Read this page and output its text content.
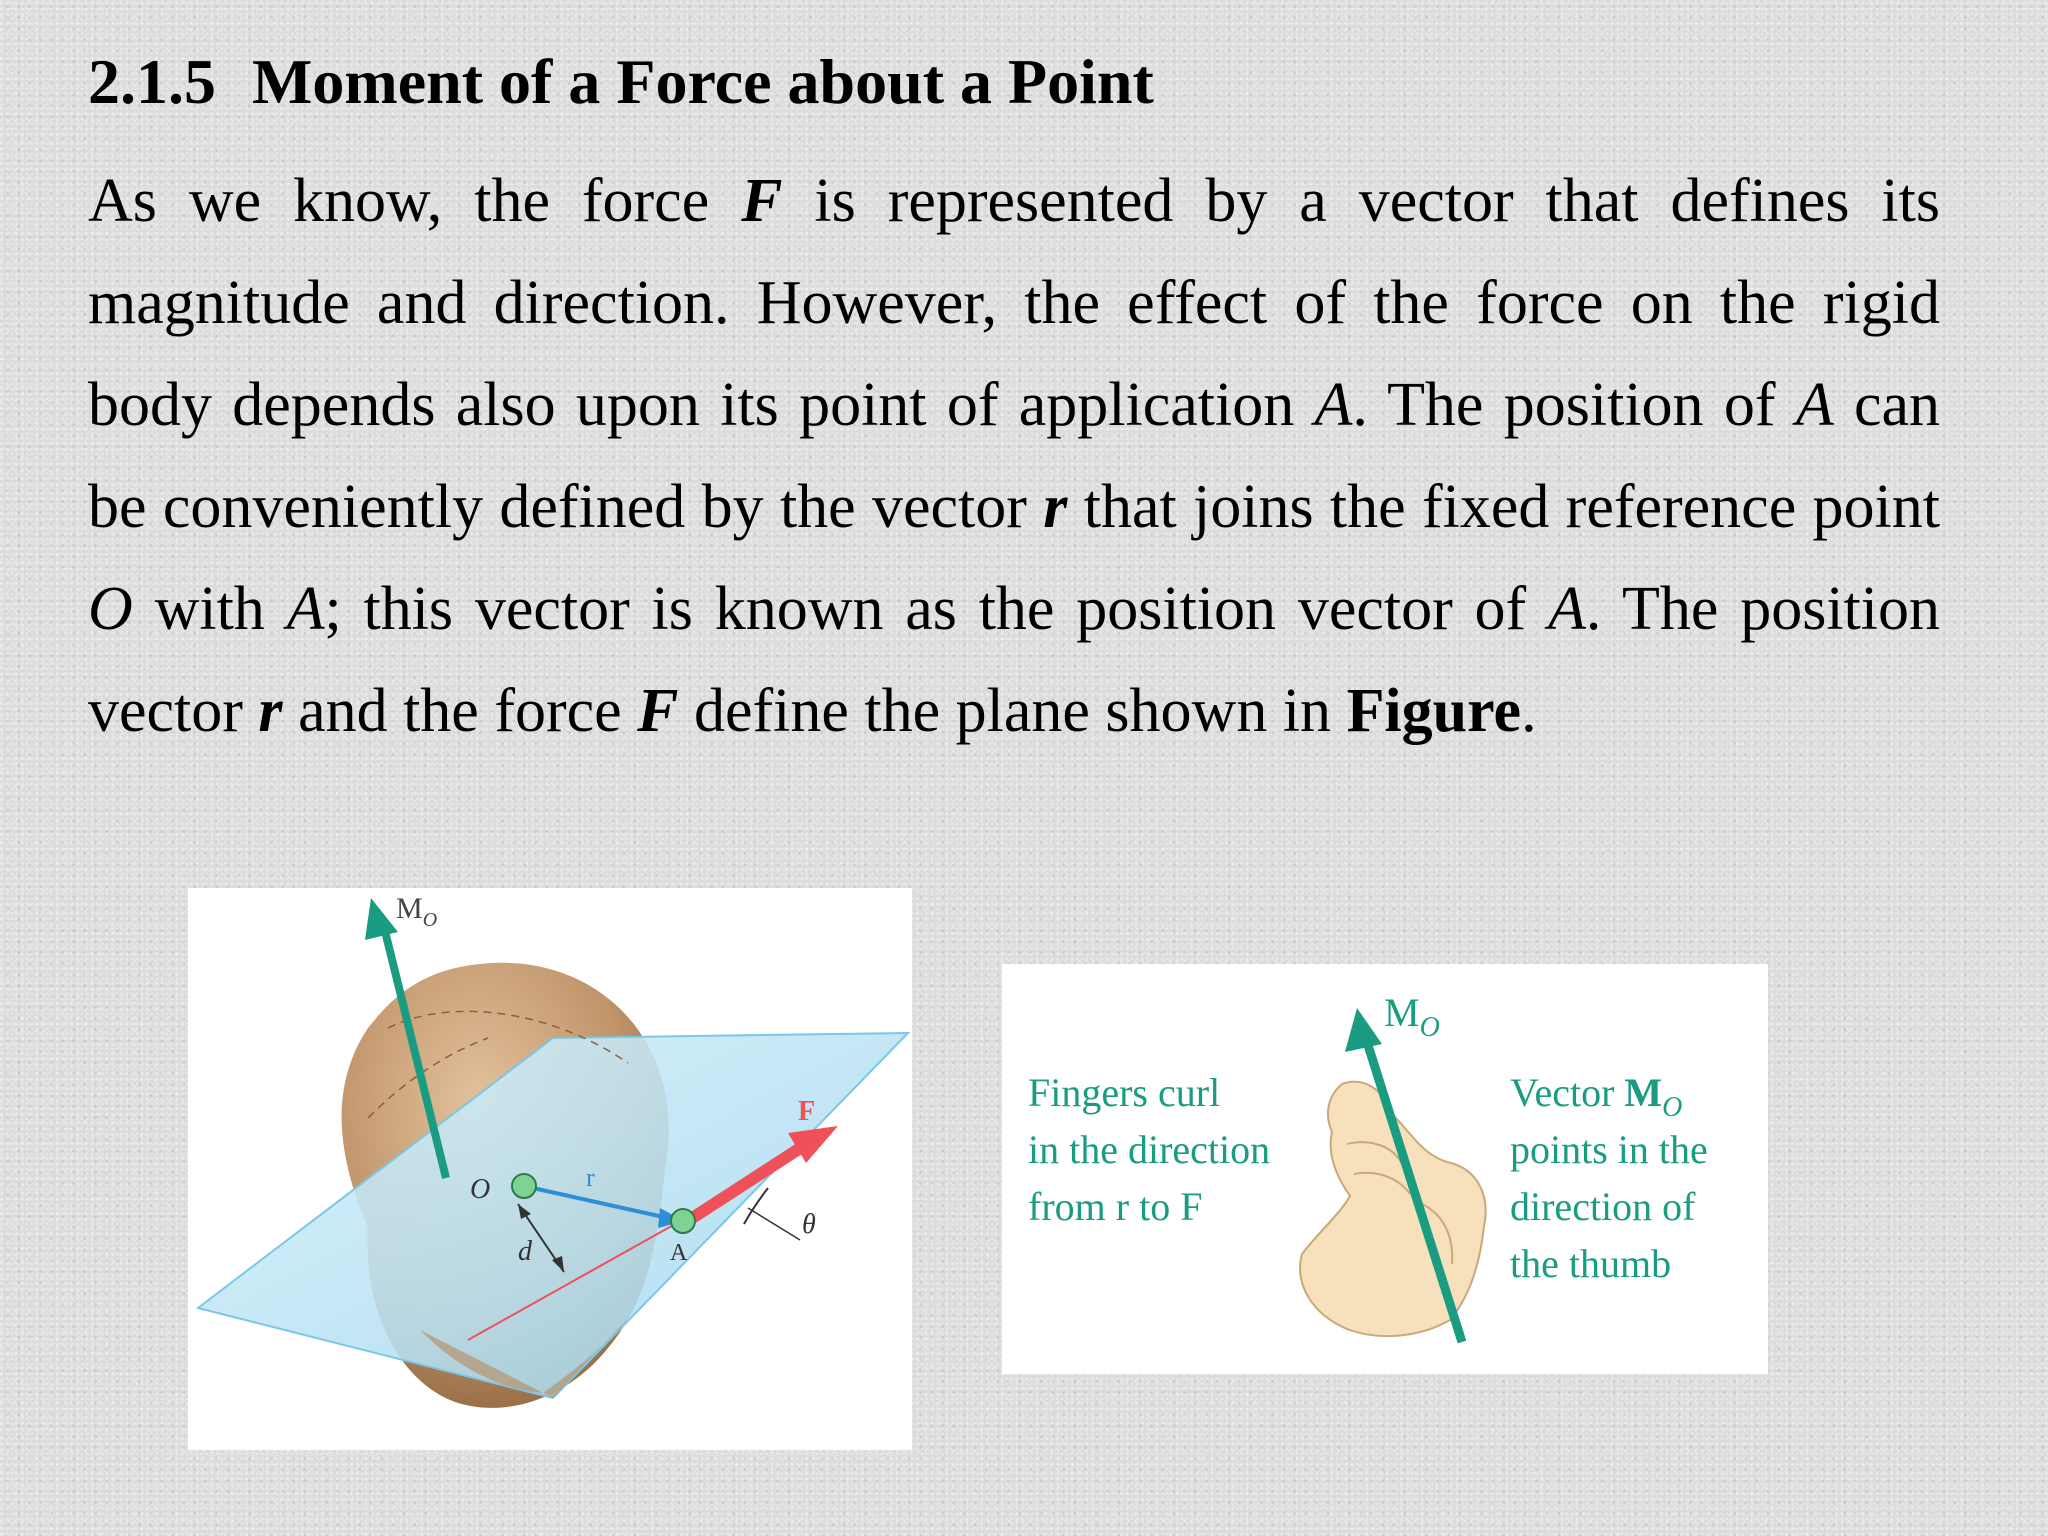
2.1.5 Moment of a Force about a Point
As we know, the force F is represented by a vector that defines its magnitude and direction. However, the effect of the force on the rigid body depends also upon its point of application A. The position of A can be conveniently defined by the vector r that joins the fixed reference point O with A; this vector is known as the position vector of A. The position vector r and the force F define the plane shown in Figure.
$M_O$
O	r
F
A
d
θ
$M_O$
Fingers curl
in the direction
from r to F
Vector $M_O$
points in the
direction of
the thumb
